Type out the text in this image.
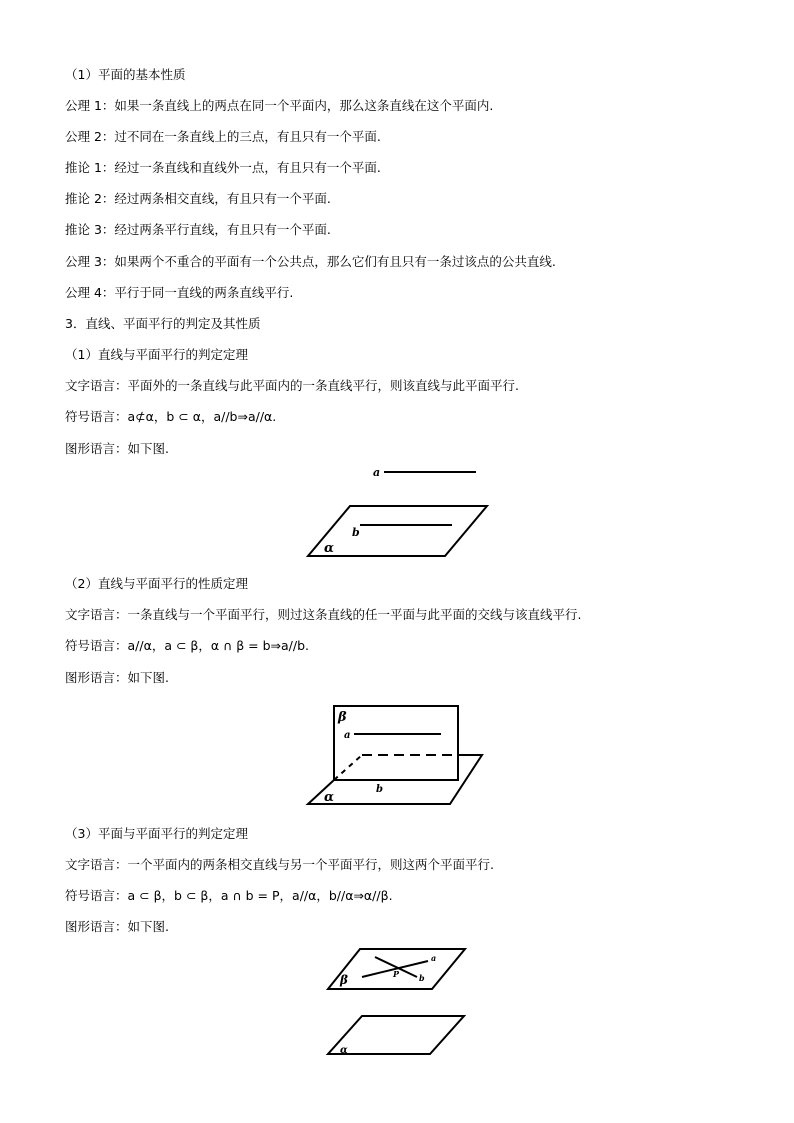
（1）平面的基本性质
公理 1：如果一条直线上的两点在同一个平面内，那么这条直线在这个平面内.
公理 2：过不同在一条直线上的三点，有且只有一个平面.
推论 1：经过一条直线和直线外一点，有且只有一个平面.
推论 2：经过两条相交直线，有且只有一个平面.
推论 3：经过两条平行直线，有且只有一个平面.
公理 3：如果两个不重合的平面有一个公共点，那么它们有且只有一条过该点的公共直线.
公理 4：平行于同一直线的两条直线平行.
3．直线、平面平行的判定及其性质
（1）直线与平面平行的判定定理
文字语言：平面外的一条直线与此平面内的一条直线平行，则该直线与此平面平行.
符号语言：a⊄α，b ⊂ α，a//b⇒a//α.
图形语言：如下图.
a
b
α
（2）直线与平面平行的性质定理
文字语言：一条直线与一个平面平行，则过这条直线的任一平面与此平面的交线与该直线平行.
符号语言：a//α，a ⊂ β，α ∩ β = b⇒a//b.
图形语言：如下图.
β
a
b
α
（3）平面与平面平行的判定定理
文字语言：一个平面内的两条相交直线与另一个平面平行，则这两个平面平行.
符号语言：a ⊂ β，b ⊂ β，a ∩ b = P，a//α，b//α⇒α//β.
图形语言：如下图.
a
P b
β
α
